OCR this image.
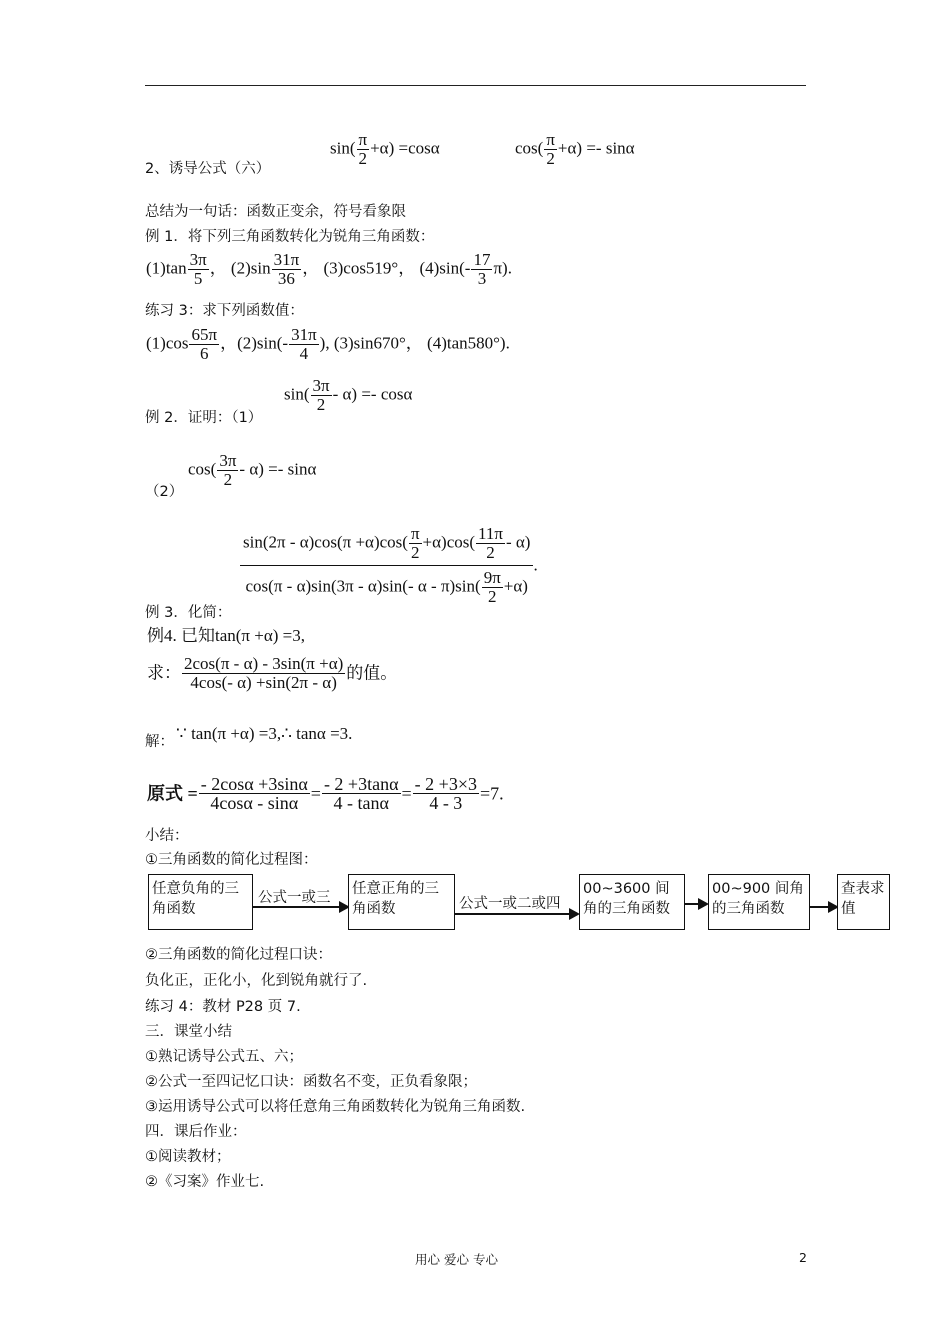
$\sin( \frac{\pi}{2} +\alpha) =\cos\alpha$	$\cos( \frac{\pi}{2} +\alpha) =- \sin\alpha$
2、诱导公式（六）
总结为一句话：函数正变余，符号看象限
例 1．将下列三角函数转化为锐角三角函数：
$(1)\tan \frac{3\pi}{5}$ ， $(2)\sin \frac{31\pi}{36}$ ， (3)cos519°， $(4)\sin(- \frac{17}{3} \pi)$.
练习 3：求下列函数值：
$(1)\cos \frac{65\pi}{6}$ ，$(2)\sin(- \frac{31\pi}{4}$ ), (3)sin670°， (4)tan580°).
$\sin( \frac{3\pi}{2} - \alpha) =- \cos\alpha$
例 2．证明：（1）
$\cos( \frac{3\pi}{2} - \alpha) =- \sin\alpha$
（2）
$\frac{\sin(2\pi - \alpha)\cos(\pi +\alpha)\cos( \frac{\pi}{2} +\alpha)\cos( \frac{11\pi}{2} - \alpha)}{\cos(\pi - \alpha)\sin(3\pi - \alpha)\sin(- \alpha - \pi)\sin( \frac{9\pi}{2} +\alpha)}$ .
例 3．化简：
例4. 已知tan(π +α) =3,
求： $\frac{2\cos(\pi - \alpha) - 3\sin(\pi +\alpha)}{4\cos(- \alpha) +\sin(2\pi - \alpha)}$ 的值。
解： ∵ tan(π +α) =3,∴ tanα =3.
原式 = $\frac{- 2\cos\alpha +3\sin\alpha}{4\cos\alpha - \sin\alpha} = \frac{- 2 +3\tan\alpha}{4 - \tan\alpha} = \frac{- 2 +3\times 3}{4 - 3} =7$.
小结：
①三角函数的简化过程图：
任意负角的三角函数
公式一或三
任意正角的三角函数	公式一或二或四
00~3600 间角的三角函数
00~900 间角的三角函数
查表求值
②三角函数的简化过程口诀：
负化正，正化小，化到锐角就行了.
练习 4：教材 P28 页 7.
三．课堂小结
①熟记诱导公式五、六；
②公式一至四记忆口诀：函数名不变，正负看象限；
③运用诱导公式可以将任意角三角函数转化为锐角三角函数.
四．课后作业：
①阅读教材；
②《习案》作业七.
用心 爱心 专心	2
